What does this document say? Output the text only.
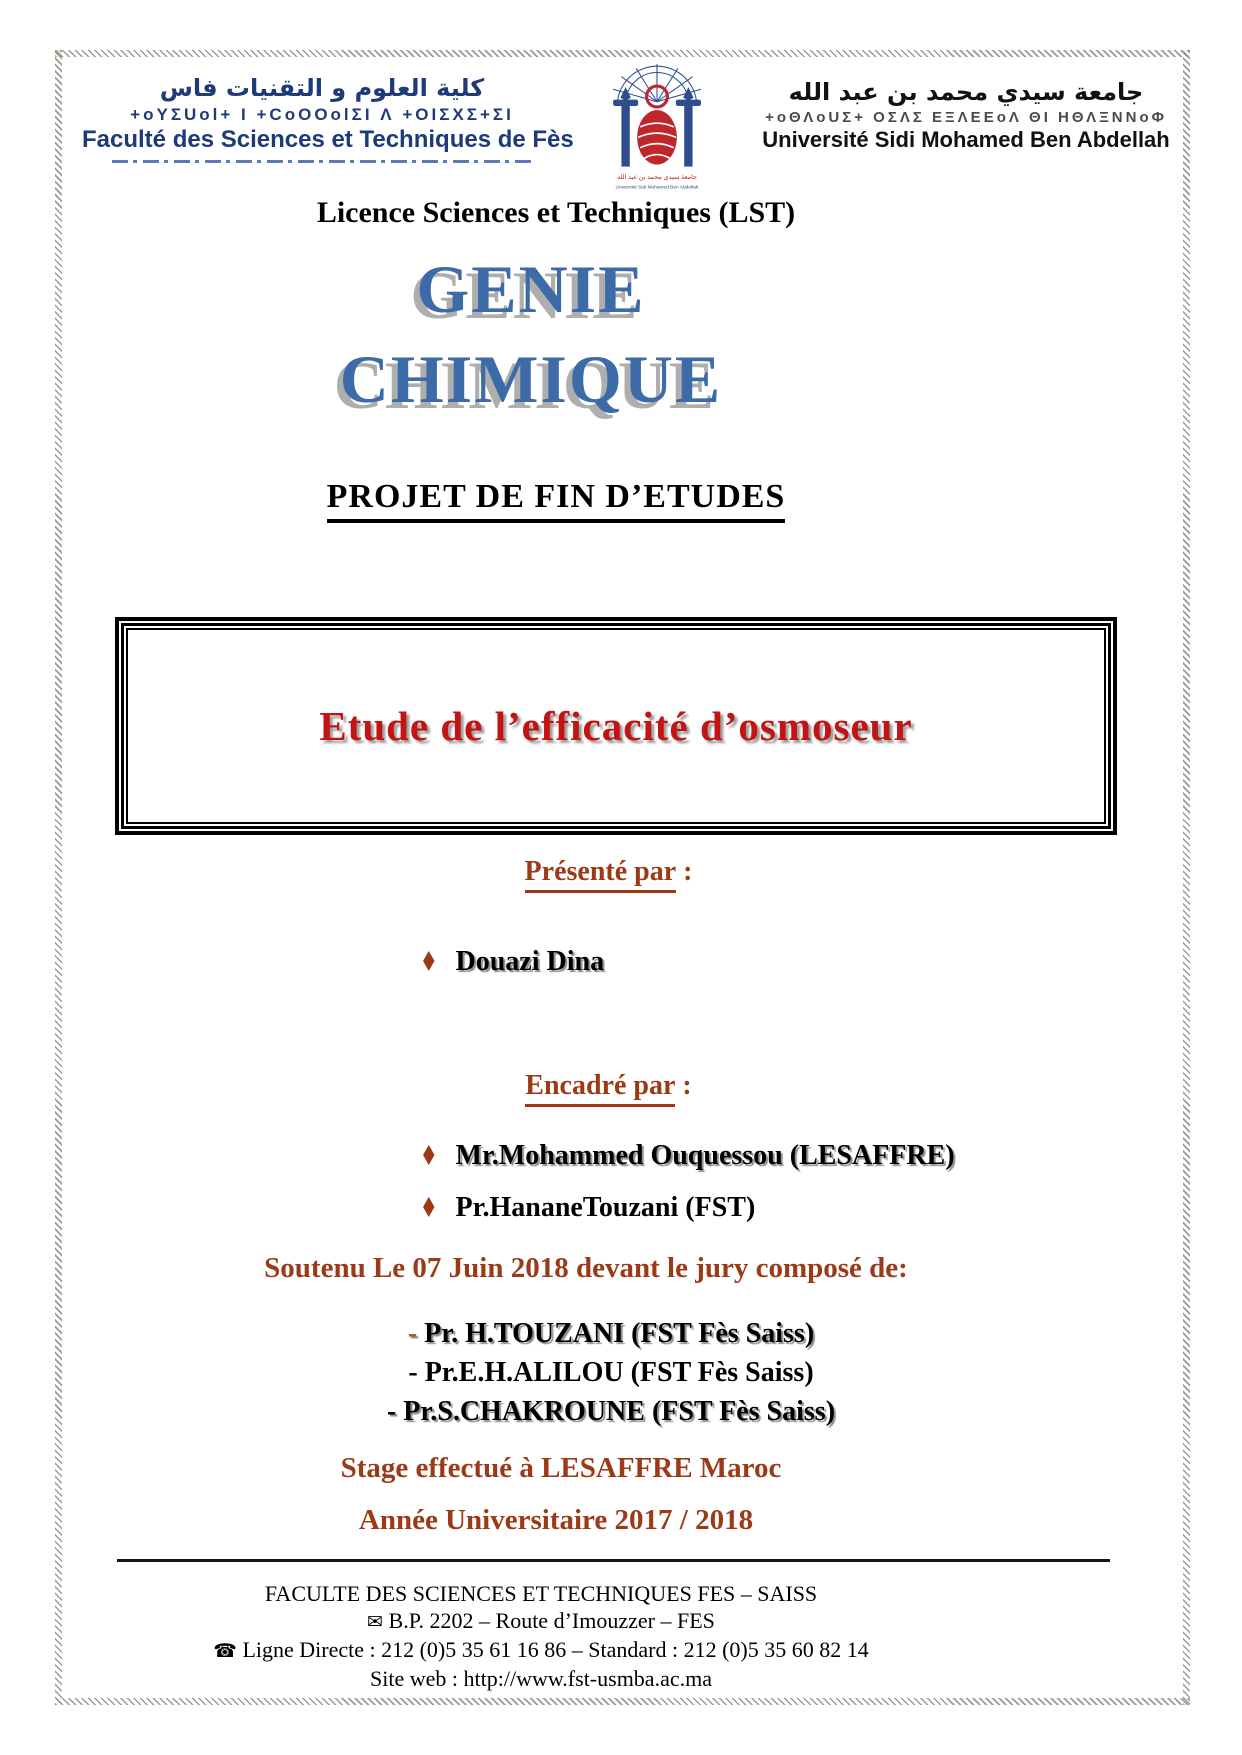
كلية العلوم و التقنيات فاس
+oYΣUol+ I +CoOOolΣI Λ +OIΣXΣ+ΣI
Faculté des Sciences et Techniques de Fès
جامعة سيدي محمد بن عبد الله
Université Sidi Mohamed Ben Abdellah
جامعة سيدي محمد بن عبد الله
+oΘΛoUΣ+ ΟΣΛΣ ΕΞΛΕΕoΛ ΘΙ ΗΘΛΞΝΝoΦ
Université Sidi Mohamed Ben Abdellah
Licence Sciences et Techniques (LST)
GENIE
CHIMIQUE
PROJET DE FIN D’ETUDES
Etude de l’efficacité d’osmoseur
Présenté par :
♦ Douazi Dina
Encadré par :
♦ Mr.Mohammed Ouquessou (LESAFFRE)
♦ Pr.HananeTouzani (FST)
Soutenu Le 07 Juin 2018 devant le jury composé de:
- Pr. H.TOUZANI (FST Fès Saiss)
- Pr.E.H.ALILOU (FST Fès Saiss)
- Pr.S.CHAKROUNE (FST Fès Saiss)
Stage effectué à LESAFFRE Maroc
Année Universitaire 2017 / 2018
FACULTE DES SCIENCES ET TECHNIQUES FES – SAISS
✉ B.P. 2202 – Route d’Imouzzer – FES
☎ Ligne Directe : 212 (0)5 35 61 16 86 – Standard : 212 (0)5 35 60 82 14
Site web : http://www.fst-usmba.ac.ma
